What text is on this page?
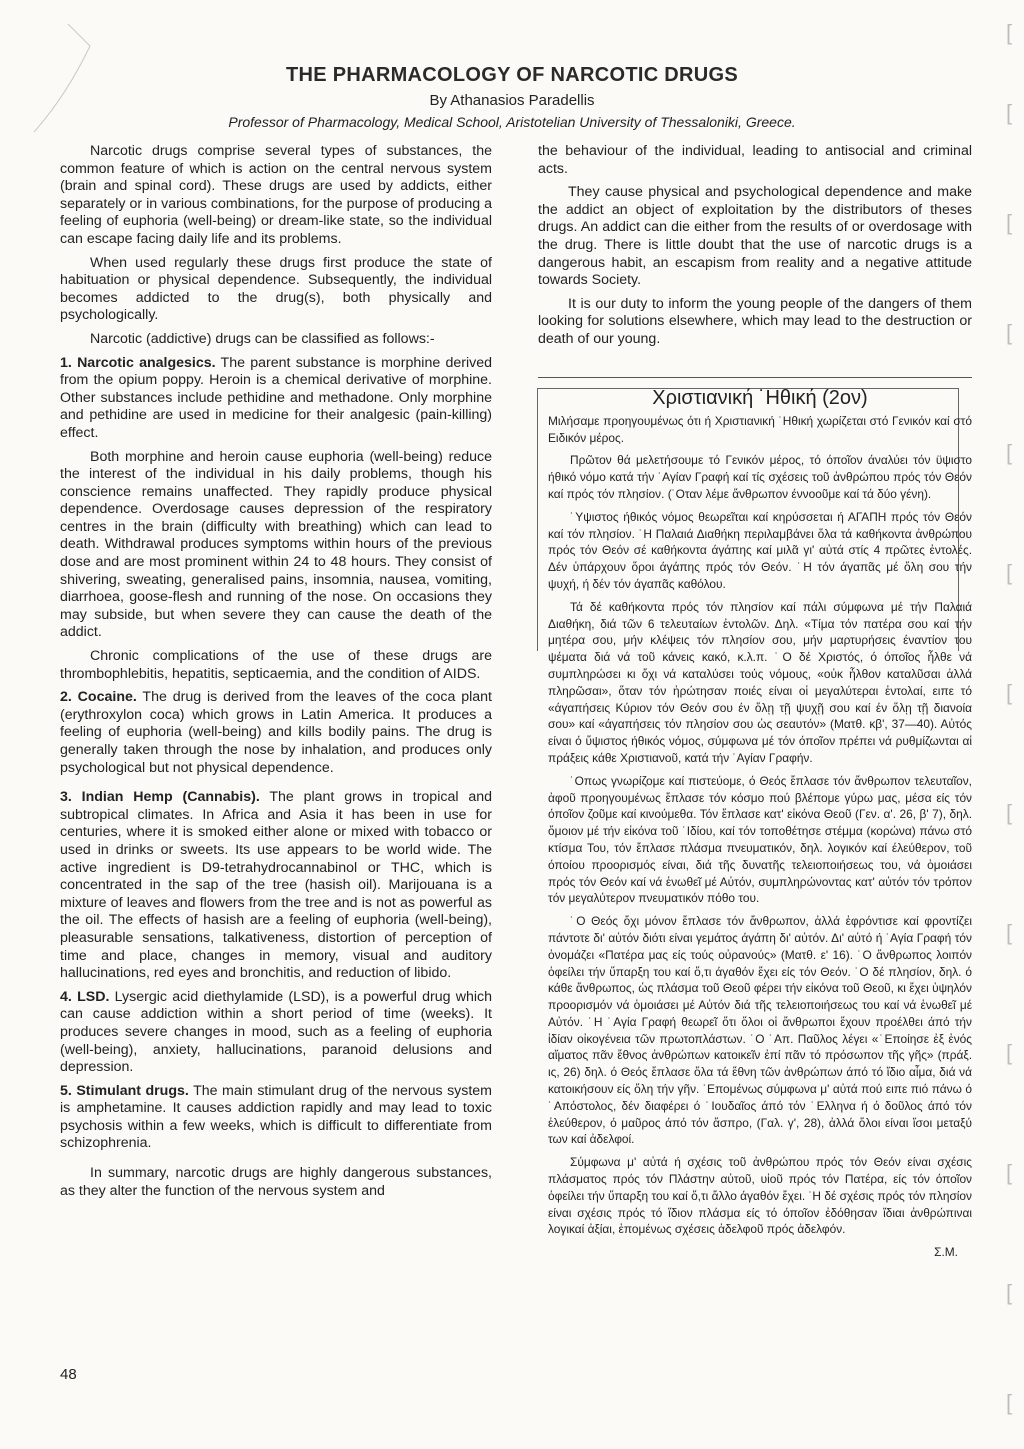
THE PHARMACOLOGY OF NARCOTIC DRUGS
By Athanasios Paradellis
Professor of Pharmacology, Medical School, Aristotelian University of Thessaloniki, Greece.

Narcotic drugs comprise several types of substances, the common feature of which is action on the central nervous system (brain and spinal cord). These drugs are used by addicts, either separately or in various combinations, for the purpose of producing a feeling of euphoria (well-being) or dream-like state, so the individual can escape facing daily life and its problems.

When used regularly these drugs first produce the state of habituation or physical dependence. Subsequently, the individual becomes addicted to the drug(s), both physically and psychologically.

Narcotic (addictive) drugs can be classified as follows:-

1. Narcotic analgesics. The parent substance is morphine derived from the opium poppy. Heroin is a chemical derivative of morphine. Other substances include pethidine and methadone. Only morphine and pethidine are used in medicine for their analgesic (pain-killing) effect.

Both morphine and heroin cause euphoria (well-being) reduce the interest of the individual in his daily problems, though his conscience remains unaffected. They rapidly produce physical dependence. Overdosage causes depression of the respiratory centres in the brain (difficulty with breathing) which can lead to death. Withdrawal produces symptoms within hours of the previous dose and are most prominent within 24 to 48 hours. They consist of shivering, sweating, generalised pains, insomnia, nausea, vomiting, diarrhoea, goose-flesh and running of the nose. On occasions they may subside, but when severe they can cause the death of the addict.

Chronic complications of the use of these drugs are thrombophlebitis, hepatitis, septicaemia, and the condition of AIDS.

2. Cocaine. The drug is derived from the leaves of the coca plant (erythroxylon coca) which grows in Latin America. It produces a feeling of euphoria (well-being) and kills bodily pains. The drug is generally taken through the nose by inhalation, and produces only psychological but not physical dependence.

3. Indian Hemp (Cannabis). The plant grows in tropical and subtropical climates. In Africa and Asia it has been in use for centuries, where it is smoked either alone or mixed with tobacco or used in drinks or sweets. Its use appears to be world wide. The active ingredient is D9-tetrahydrocannabinol or THC, which is concentrated in the sap of the tree (hasish oil). Marijouana is a mixture of leaves and flowers from the tree and is not as powerful as the oil. The effects of hasish are a feeling of euphoria (well-being), pleasurable sensations, talkativeness, distortion of perception of time and place, changes in memory, visual and auditory hallucinations, red eyes and bronchitis, and reduction of libido.

4. LSD. Lysergic acid diethylamide (LSD), is a powerful drug which can cause addiction within a short period of time (weeks). It produces severe changes in mood, such as a feeling of euphoria (well-being), anxiety, hallucinations, paranoid delusions and depression.

5. Stimulant drugs. The main stimulant drug of the nervous system is amphetamine. It causes addiction rapidly and may lead to toxic psychosis within a few weeks, which is difficult to differentiate from schizophrenia.

In summary, narcotic drugs are highly dangerous substances, as they alter the function of the nervous system and

the behaviour of the individual, leading to antisocial and criminal acts.

They cause physical and psychological dependence and make the addict an object of exploitation by the distributors of theses drugs. An addict can die either from the results of or overdosage with the drug. There is little doubt that the use of narcotic drugs is a dangerous habit, an escapism from reality and a negative attitude towards Society.

It is our duty to inform the young people of the dangers of them looking for solutions elsewhere, which may lead to the destruction or death of our young.

Χριστιανική ˙Ηθική (2ον)

Μιλήσαμε προηγουμένως ότι ή Χριστιανική ˙Ηθική χωρίζεται στό Γενικόν καί στό Ειδικόν μέρος.

Πρῶτον θά μελετήσουμε τό Γενικόν μέρος, τό όποῖον άναλύει τόν ϋψιστο ήθικό νόμο κατά τήν ˙Αγίαν Γραφή καί τίς σχέσεις τοῦ ἀνθρώπου πρός τόν Θεόν καί πρός τόν πλησίον. (˙Οταν λέμε ἄνθρωπον έννοοῦμε καί τά δύο γένη).

˙Υψιστος ήθικός νόμος θεωρεῖται καί κηρύσσεται ή ΑΓΑΠΗ πρός τόν Θεόν καί τόν πλησίον. ˙Η Παλαιά Διαθήκη περιλαμβάνει ὅλα τά καθήκοντα ἀνθρώπου πρός τόν Θεόν σέ καθήκοντα άγάπης καί μιλᾶ γι' αὐτά στίς 4 πρῶτες ἐντολές. Δέν ὑπάρχουν ὅροι άγάπης πρός τόν Θεόν. ˙Η τόν άγαπᾶς μέ ὅλη σου τήν ψυχή, ή δέν τόν άγαπᾶς καθόλου.

Τά δέ καθήκοντα πρός τόν πλησίον καί πάλι σύμφωνα μέ τήν Παλαιά Διαθήκη, διά τῶν 6 τελευταίων ἐντολῶν. Δηλ. «Τίμα τόν πατέρα σου καί τήν μητέρα σου, μήν κλέψεις τόν πλησίον σου, μήν μαρτυρήσεις έναντίον του ψέματα διά νά τοῦ κάνεις κακό, κ.λ.π. ˙Ο δέ Χριστός, ό όποῖος ἦλθε νά συμπληρώσει κι ὄχι νά καταλύσει τούς νόμους, «οὐκ ἦλθον καταλῦσαι ἀλλά πληρῶσαι», ὅταν τόν ἠρώτησαν ποιές είναι οἱ μεγαλύτεραι ἐντολαί, ειπε τό «άγαπήσεις Κύριον τόν Θεόν σου έν ὅλῃ τῇ ψυχῇ σου καί έν ὅλῃ τῇ διανοία σου» καί «άγαπήσεις τόν πλησίον σου ὡς σεαυτόν» (Ματθ. κβ', 37—40). Αὐτός είναι ό ὕψιστος ήθικός νόμος, σύμφωνα μέ τόν όποῖον πρέπει νά ρυθμίζωνται αἱ πράξεις κάθε Χριστιανοῦ, κατά τήν ˙Αγίαν Γραφήν.

˙Οπως γνωρίζομε καί πιστεύομε, ό Θεός ἔπλασε τόν ἄνθρωπον τελευταῖον, ἀφοῦ προηγουμένως ἔπλασε τόν κόσμο πού βλέπομε γύρω μας, μέσα είς τόν όποῖον ζοῦμε καί κινούμεθα. Τόν ἔπλασε κατ' εἰκόνα Θεοῦ (Γεν. α'. 26, β' 7), δηλ. ὅμοιον μέ τήν εἰκόνα τοῦ ˙Ιδίου, καί τόν τοποθέτησε στέμμα (κορώνα) πάνω στό κτίσμα Του, τόν ἔπλασε πλάσμα πνευματικόν, δηλ. λογικόν καί έλεύθερον, τοῦ όποίου προορισμός είναι, διά τῆς δυνατῆς τελειοποιήσεως του, νά ὁμοιάσει πρός τόν Θεόν καί νά ἑνωθεῖ μέ Αὐτόν, συμπληρώνοντας κατ' αὐτόν τόν τρόπον τόν μεγαλύτερον πνευματικόν πόθο του.

˙Ο Θεός ὄχι μόνον ἔπλασε τόν ἄνθρωπον, ἀλλά ἐφρόντισε καί φροντίζει πάντοτε δι' αὐτόν διότι είναι γεμάτος άγάπη δι' αὐτόν. Δι' αὐτό ή ˙Αγία Γραφή τόν ὀνομάζει «Πατέρα μας είς τούς οὐρανούς» (Ματθ. ε' 16). ˙Ο ἄνθρωπος λοιπόν ὀφείλει τήν ὕπαρξη του καί ὅ,τι άγαθόν ἔχει είς τόν Θεόν. ˙Ο δέ πλησίον, δηλ. ό κάθε ἄνθρωπος, ὡς πλάσμα τοῦ Θεοῦ φέρει τήν εἰκόνα τοῦ Θεοῦ, κι ἔχει ὑψηλόν προορισμόν νά ὁμοιάσει μέ Αὐτόν διά τῆς τελειοποιήσεως του καί νά ἑνωθεῖ μέ Αὐτόν. ˙Η ˙Αγία Γραφή θεωρεῖ ὅτι ὅλοι οἱ ἄνθρωποι ἔχουν προέλθει άπό τήν ἰδίαν οἰκογένεια τῶν πρωτοπλάστων. ˙Ο ˙Απ. Παῦλος λέγει «˙Εποίησε ἐξ ἑνός αἵματος πᾶν ἔθνος ἀνθρώπων κατοικεῖν ἐπί πᾶν τό πρόσωπον τῆς γῆς» (πράξ. ις, 26) δηλ. ό Θεός ἔπλασε ὅλα τά ἔθνη τῶν ἀνθρώπων άπό τό ἴδιο αἷμα, διά νά κατοικήσουν είς ὅλη τήν γῆν. ˙Επομένως σύμφωνα μ' αὐτά πού ειπε πιό πάνω ό ˙Απόστολος, δέν διαφέρει ό ˙Ιουδαῖος άπό τόν ˙Ελληνα ή ό δοῦλος άπό τόν ἐλεύθερον, ό μαῦρος άπό τόν ἄσπρο, (Γαλ. γ', 28), ἀλλά ὅλοι είναι ἴσοι μεταξύ των καί ἀδελφοί.

Σύμφωνα μ' αὐτά ή σχέσις τοῦ ἀνθρώπου πρός τόν Θεόν είναι σχέσις πλάσματος πρός τόν Πλάστην αὐτοῦ, υἱοῦ πρός τόν Πατέρα, είς τόν όποῖον ὀφείλει τήν ὕπαρξη του καί ὅ,τι ἄλλο άγαθόν ἔχει. ˙Η δέ σχέσις πρός τόν πλησίον είναι σχέσις πρός τό ἴδιον πλάσμα είς τό όποῖον ἐδόθησαν ἴδιαι ἀνθρώπιναι λογικαί ἀξίαι, ἑπομένως σχέσεις ἀδελφοῦ πρός ἀδελφόν.

Σ.Μ.
48
[
[
[
[
[
[
[
[
[
[
[
[
[
